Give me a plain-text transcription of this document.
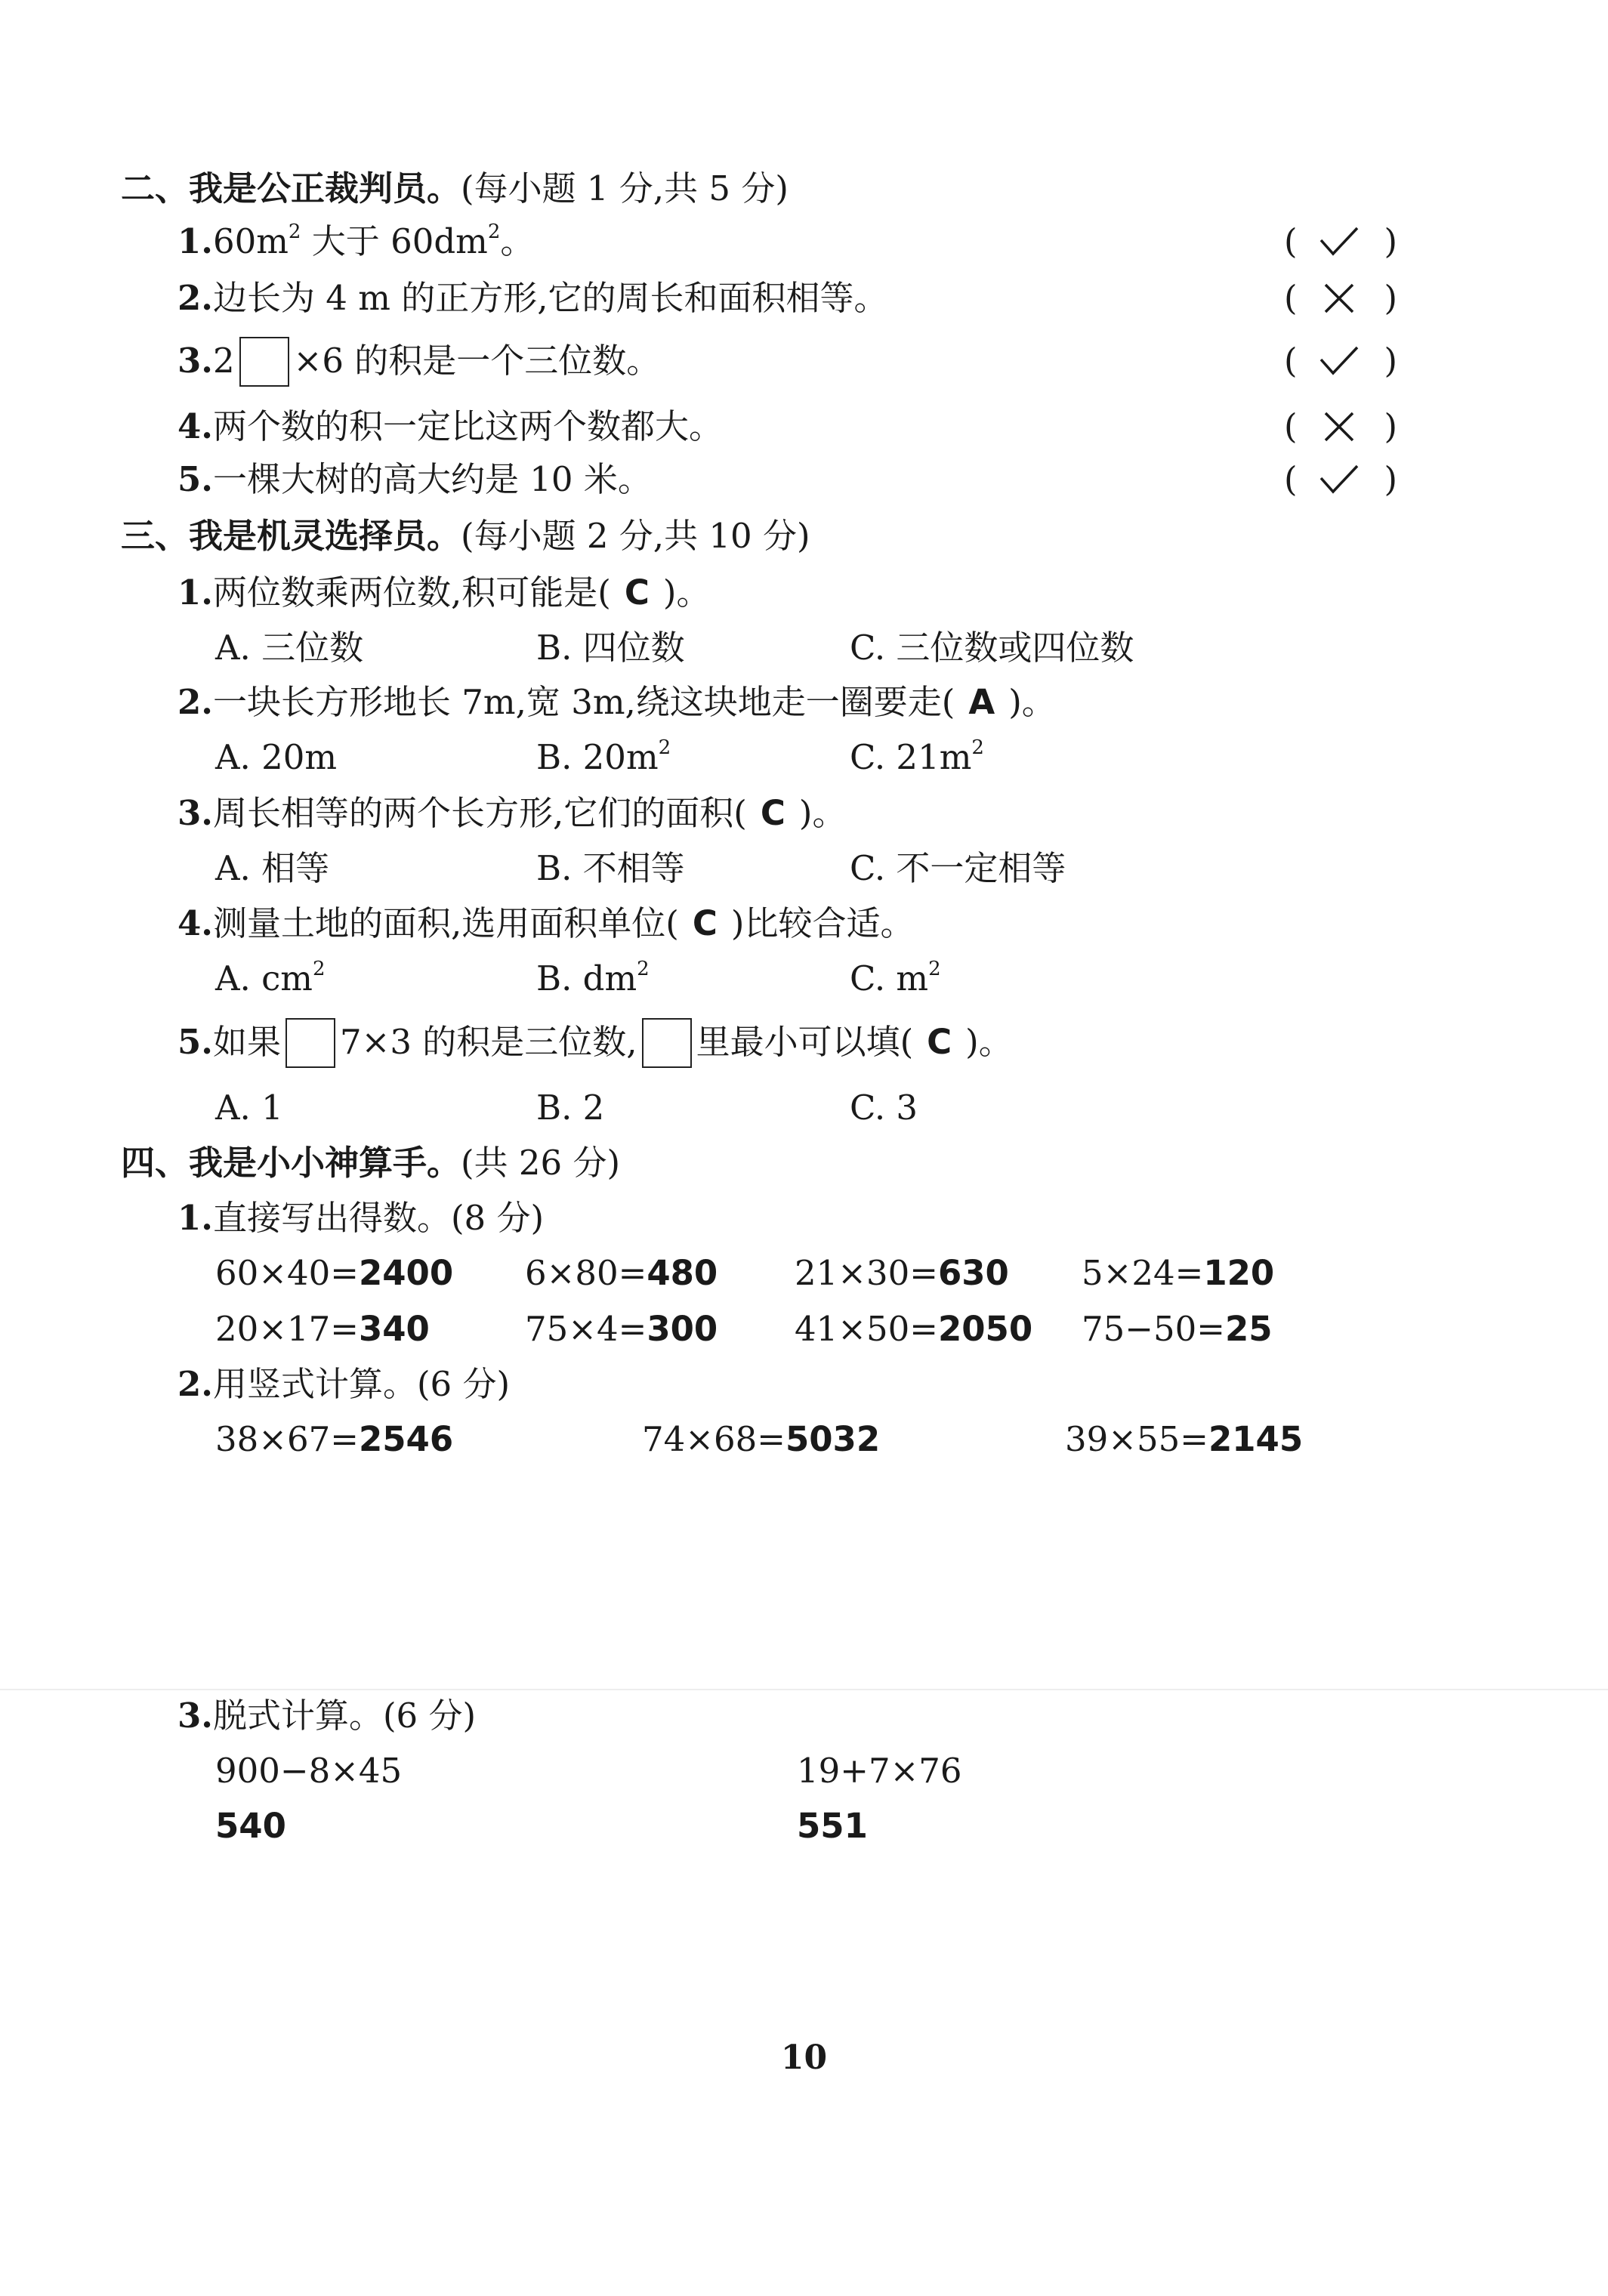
二、我是公正裁判员。(每小题 1 分,共 5 分)
$1.60m^2$ 大于 $60dm^2$。	(	)
2.边长为 4 m 的正方形,它的周长和面积相等。	(	)
3.2 ×6 的积是一个三位数。	(	)
4.两个数的积一定比这两个数都大。	(	)
5.一棵大树的高大约是 10 米。	(	)
三、我是机灵选择员。(每小题 2 分,共 10 分)
1.两位数乘两位数,积可能是( C )。
A. 三位数	B. 四位数	C. 三位数或四位数
2.一块长方形地长 7m,宽 3m,绕这块地走一圈要走( A )。
A. 20m	B. $20m^2$	C. $21m^2$
3.周长相等的两个长方形,它们的面积( C )。
A. 相等	B. 不相等	C. 不一定相等
4.测量土地的面积,选用面积单位( C )比较合适。
A. $cm^2$	B. $dm^2$	C. $m^2$
5.如果 7×3 的积是三位数, 里最小可以填( C )。
A. 1	B. 2	C. 3
四、我是小小神算手。(共 26 分)
1.直接写出得数。(8 分)
60×40=2400 6×80=480 21×30=630 5×24=120
20×17=340	75×4=300 41×50=2050 75−50=25
2.用竖式计算。(6 分)
38×67=2546	74×68=5032	39×55=2145
3.脱式计算。(6 分)
900−8×45	19+7×76
540	551
10
